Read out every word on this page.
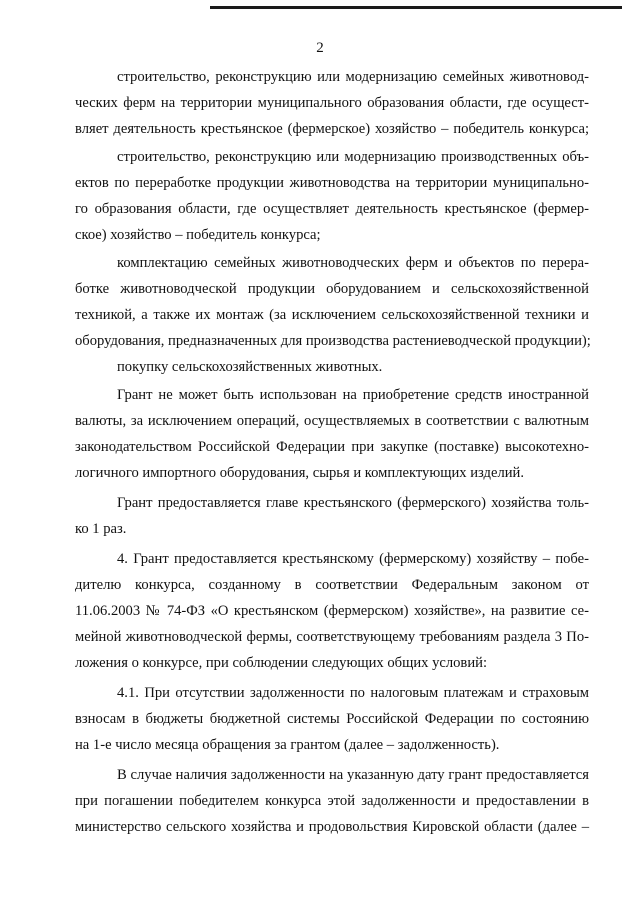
2
строительство, реконструкцию или модернизацию семейных животновод-
ческих ферм на территории муниципального образования области, где осущест-
вляет деятельность крестьянское (фермерское) хозяйство – победитель конкурса;
строительство, реконструкцию или модернизацию производственных объ-
ектов по переработке продукции животноводства на территории муниципально-
го образования области, где осуществляет деятельность крестьянское (фермер-
ское) хозяйство – победитель конкурса;
комплектацию семейных животноводческих ферм и объектов по перера-
ботке животноводческой продукции оборудованием и сельскохозяйственной
техникой, а также их монтаж (за исключением сельскохозяйственной техники и
оборудования, предназначенных для производства растениеводческой продукции);
покупку сельскохозяйственных животных.
Грант не может быть использован на приобретение средств иностранной
валюты, за исключением операций, осуществляемых в соответствии с валютным
законодательством Российской Федерации при закупке (поставке) высокотехно-
логичного импортного оборудования, сырья и комплектующих изделий.
Грант предоставляется главе крестьянского (фермерского) хозяйства толь-
ко 1 раз.
4. Грант предоставляется крестьянскому (фермерскому) хозяйству – побе-
дителю конкурса, созданному в соответствии Федеральным законом от
11.06.2003 № 74-ФЗ «О крестьянском (фермерском) хозяйстве», на развитие се-
мейной животноводческой фермы, соответствующему требованиям раздела 3 По-
ложения о конкурсе, при соблюдении следующих общих условий:
4.1. При отсутствии задолженности по налоговым платежам и страховым
взносам в бюджеты бюджетной системы Российской Федерации по состоянию
на 1-е число месяца обращения за грантом (далее – задолженность).
В случае наличия задолженности на указанную дату грант предоставляется
при погашении победителем конкурса этой задолженности и предоставлении в
министерство сельского хозяйства и продовольствия Кировской области (далее –
